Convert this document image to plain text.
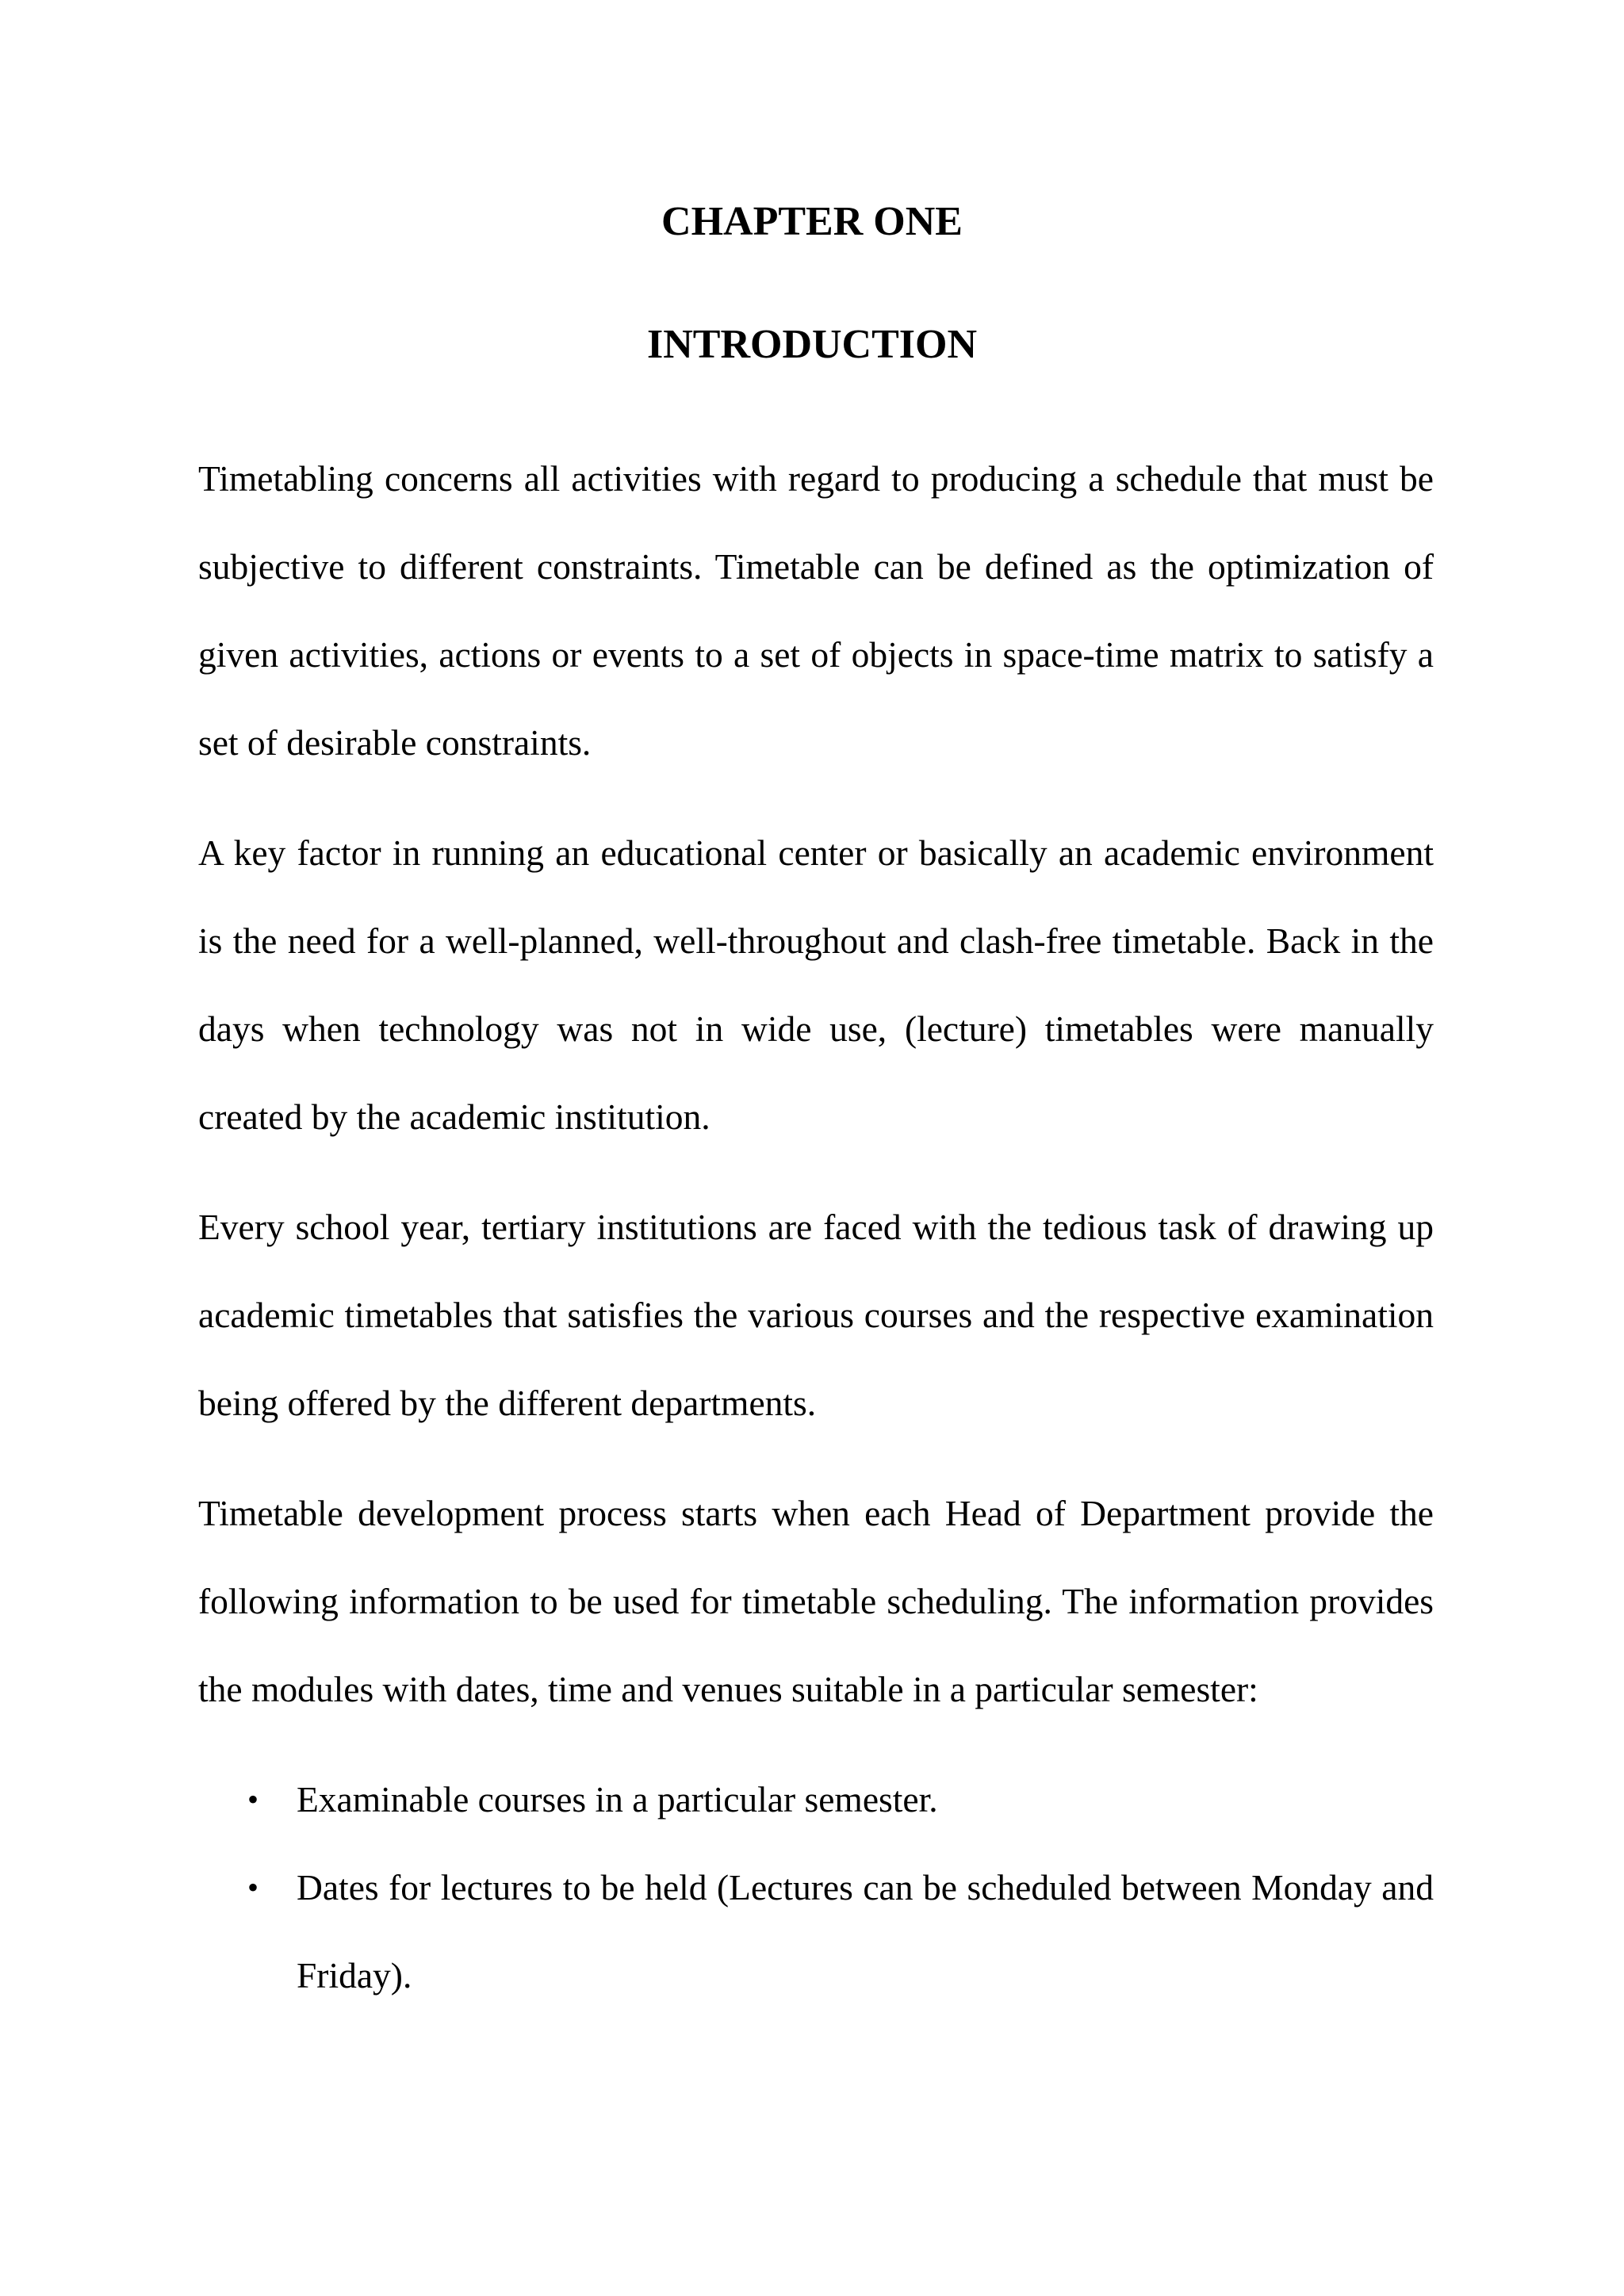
CHAPTER ONE
INTRODUCTION

Timetabling concerns all activities with regard to producing a schedule that must be subjective to different constraints. Timetable can be defined as the optimization of given activities, actions or events to a set of objects in space-time matrix to satisfy a set of desirable constraints.

A key factor in running an educational center or basically an academic environment is the need for a well-planned, well-throughout and clash-free timetable. Back in the days when technology was not in wide use, (lecture) timetables were manually created by the academic institution.

Every school year, tertiary institutions are faced with the tedious task of drawing up academic timetables that satisfies the various courses and the respective examination being offered by the different departments.

Timetable development process starts when each Head of Department provide the following information to be used for timetable scheduling. The information provides the modules with dates, time and venues suitable in a particular semester:

• Examinable courses in a particular semester.
• Dates for lectures to be held (Lectures can be scheduled between Monday and Friday).
